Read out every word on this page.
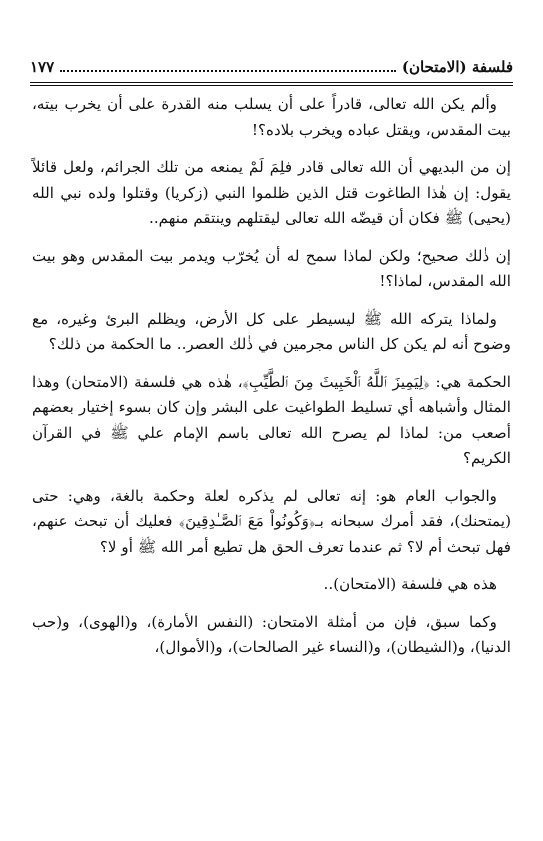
فلسفة (الامتحان)
١٧٧

وألم يكن الله تعالى، قادراً على أن يسلب منه القدرة على أن يخرب بيته، بيت المقدس، ويقتل عباده ويخرب بلاده؟!

إن من البديهي أن الله تعالى قادر فلِمَ لَمْ يمنعه من تلك الجرائم، ولعل قائلاً يقول: إن هٰذا الطاغوت قتل الذين ظلموا النبي (زكريا) وقتلوا ولده نبي الله (يحيى) ﷺ فكان أن قيضّه الله تعالى ليقتلهم وينتقم منهم..

إن ذٰلك صحيح؛ ولكن لماذا سمح له أن يُخرّب ويدمر بيت المقدس وهو بيت الله المقدس، لماذا؟!

ولماذا يتركه الله ﷺ ليسيطر على كل الأرض، ويظلم البرئ وغيره، مع وضوح أنه لم يكن كل الناس مجرمين في ذٰلك العصر.. ما الحكمة من ذلك؟

الحكمة هي: ﴿لِيَمِيزَ ٱللَّهُ ٱلْخَبِيثَ مِنَ ٱلطَّيِّبِ﴾، هٰذه هي فلسفة (الامتحان) وهذا المثال وأشباهه أي تسليط الطواغيت على البشر وإن كان بسوء إختيار بعضهم أصعب من: لماذا لم يصرح الله تعالى باسم الإمام علي ﷺ في القرآن الكريم؟

والجواب العام هو: إنه تعالى لم يذكره لعلة وحكمة بالغة، وهي: حتى (يمتحنك)، فقد أمرك سبحانه بـ﴿وَكُونُواْ مَعَ ٱلصَّـٰدِقِينَ﴾ فعليك أن تبحث عنهم، فهل تبحث أم لا؟ ثم عندما تعرف الحق هل تطيع أمر الله ﷺ أو لا؟

هذه هي فلسفة (الامتحان)..

وكما سبق، فإن من أمثلة الامتحان: (النفس الأمارة)، و(الهوى)، و(حب الدنيا)، و(الشيطان)، و(النساء غير الصالحات)، و(الأموال)،
